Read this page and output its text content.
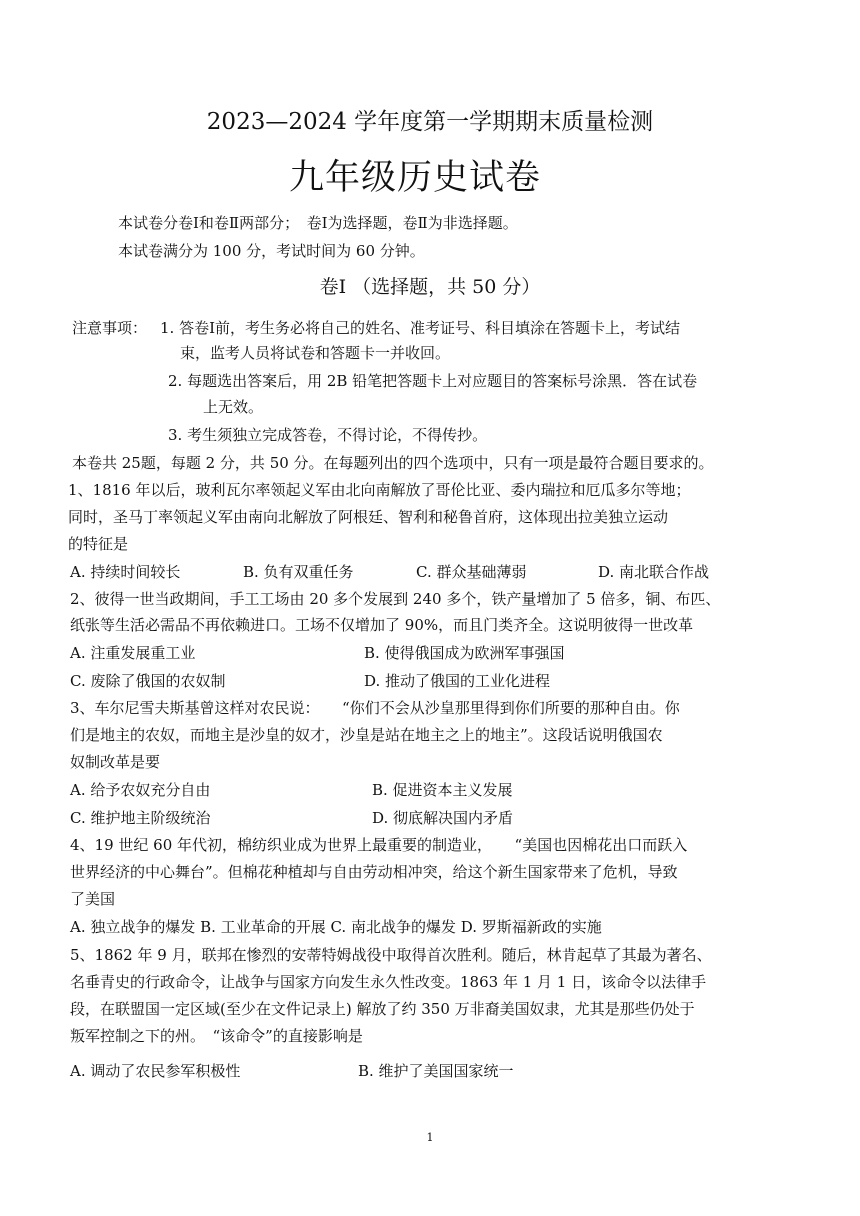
2023—2024 学年度第一学期期末质量检测
九年级历史试卷
本试卷分卷Ⅰ和卷Ⅱ两部分；　卷Ⅰ为选择题，卷Ⅱ为非选择题。
本试卷满分为 100 分，考试时间为 60 分钟。
卷Ⅰ （选择题，共 50 分）
注意事项： 1. 答卷Ⅰ前，考生务必将自己的姓名、准考证号、科目填涂在答题卡上，考试结
束，监考人员将试卷和答题卡一并收回。
2. 每题选出答案后，用 2B 铅笔把答题卡上对应题目的答案标号涂黑．答在试卷
上无效。
3. 考生须独立完成答卷，不得讨论，不得传抄。
本卷共 25题，每题 2 分，共 50 分。在每题列出的四个选项中，只有一项是最符合题目要求的。
1、1816 年以后，玻利瓦尔率领起义军由北向南解放了哥伦比亚、委内瑞拉和厄瓜多尔等地；
同时，圣马丁率领起义军由南向北解放了阿根廷、智利和秘鲁首府，这体现出拉美独立运动
的特征是
A. 持续时间较长	B. 负有双重任务	C. 群众基础薄弱	D. 南北联合作战
2、彼得一世当政期间，手工工场由 20 多个发展到 240 多个，铁产量增加了 5 倍多，铜、布匹、
纸张等生活必需品不再依赖进口。工场不仅增加了 90%，而且门类齐全。这说明彼得一世改革
A. 注重发展重工业	B. 使得俄国成为欧洲军事强国
C. 废除了俄国的农奴制	D. 推动了俄国的工业化进程
3、车尔尼雪夫斯基曾这样对农民说：　　“你们不会从沙皇那里得到你们所要的那种自由。你
们是地主的农奴，而地主是沙皇的奴才，沙皇是站在地主之上的地主”。这段话说明俄国农
奴制改革是要
A. 给予农奴充分自由	B. 促进资本主义发展
C. 维护地主阶级统治	D. 彻底解决国内矛盾
4、19 世纪 60 年代初，棉纺织业成为世界上最重要的制造业，　　“美国也因棉花出口而跃入
世界经济的中心舞台”。但棉花种植却与自由劳动相冲突，给这个新生国家带来了危机，导致
了美国
A. 独立战争的爆发 B. 工业革命的开展 C. 南北战争的爆发 D. 罗斯福新政的实施
5、1862 年 9 月，联邦在惨烈的安蒂特姆战役中取得首次胜利。随后，林肯起草了其最为著名、
名垂青史的行政命令，让战争与国家方向发生永久性改变。1863 年 1 月 1 日，该命令以法律手
段，在联盟国一定区域(至少在文件记录上) 解放了约 350 万非裔美国奴隶，尤其是那些仍处于
叛军控制之下的州。　“该命令”的直接影响是
A. 调动了农民参军积极性	B. 维护了美国国家统一
1
